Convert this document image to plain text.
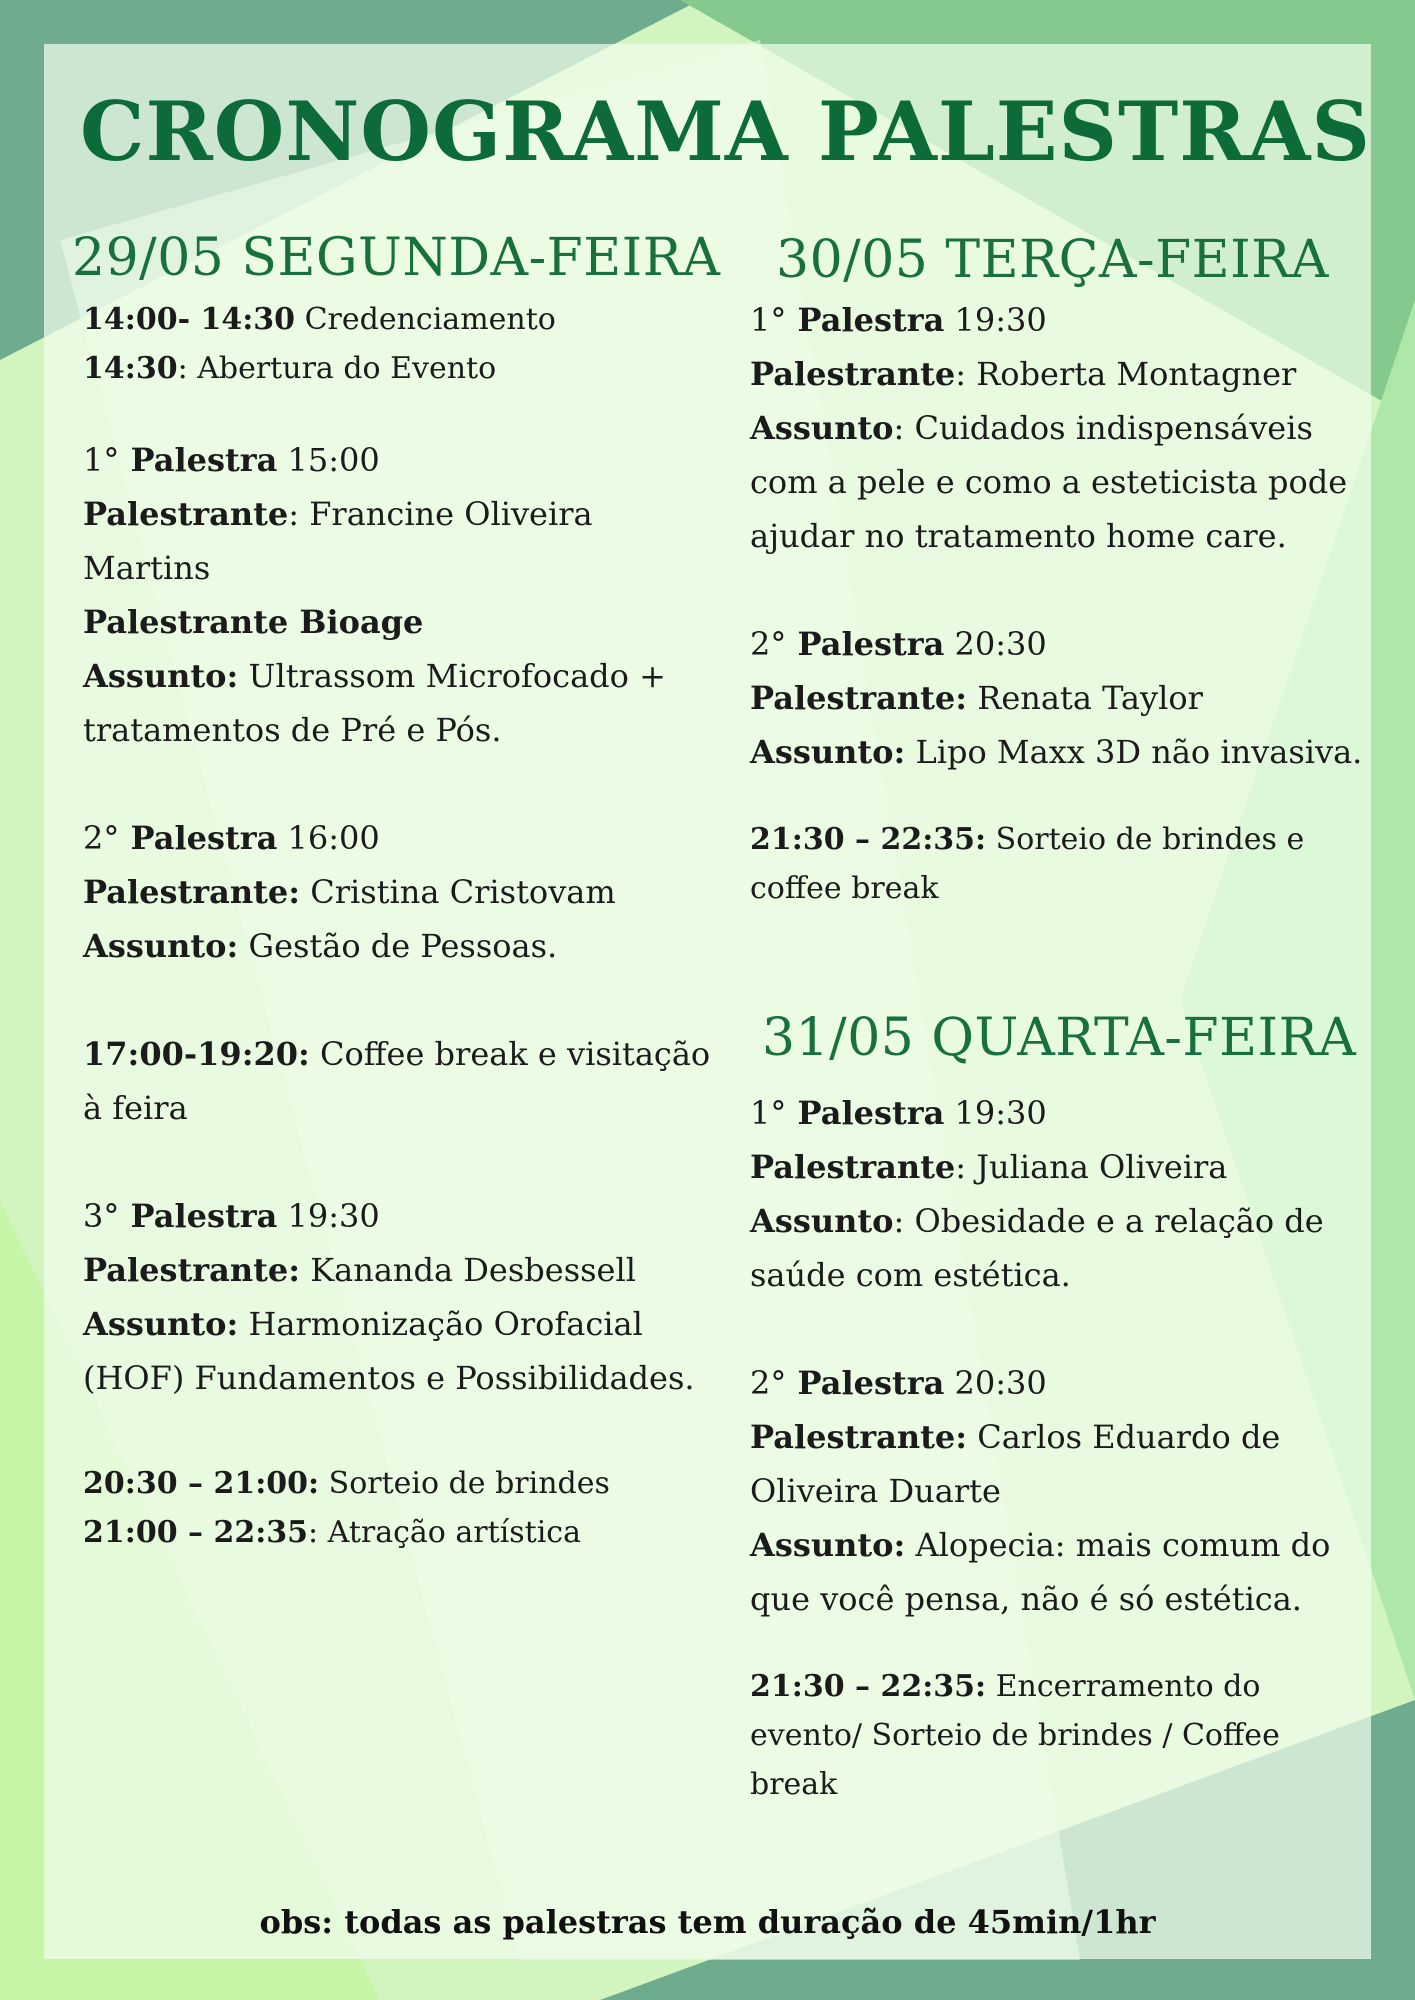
CRONOGRAMA PALESTRAS
29/05 SEGUNDA-FEIRA

14:00- 14:30 Credenciamento

14:30: Abertura do Evento

1° Palestra 15:00

Palestrante: Francine Oliveira Martins

Palestrante Bioage

Assunto: Ultrassom Microfocado + tratamentos de Pré e Pós.

2° Palestra 16:00

Palestrante: Cristina Cristovam

Assunto: Gestão de Pessoas.

17:00-19:20: Coffee break e visitação à feira

3° Palestra 19:30

Palestrante: Kananda Desbessell

Assunto: Harmonização Orofacial (HOF) Fundamentos e Possibilidades.

20:30 – 21:00: Sorteio de brindes

21:00 – 22:35: Atração artística

30/05 TERÇA-FEIRA

1° Palestra 19:30

Palestrante: Roberta Montagner

Assunto: Cuidados indispensáveis com a pele e como a esteticista pode ajudar no tratamento home care.

2° Palestra 20:30

Palestrante: Renata Taylor

Assunto: Lipo Maxx 3D não invasiva.

21:30 – 22:35: Sorteio de brindes e coffee break

31/05 QUARTA-FEIRA

1° Palestra 19:30

Palestrante: Juliana Oliveira

Assunto: Obesidade e a relação de saúde com estética.

2° Palestra 20:30

Palestrante: Carlos Eduardo de Oliveira Duarte

Assunto: Alopecia: mais comum do que você pensa, não é só estética.

21:30 – 22:35: Encerramento do evento/ Sorteio de brindes / Coffee break

obs: todas as palestras tem duração de 45min/1hr
